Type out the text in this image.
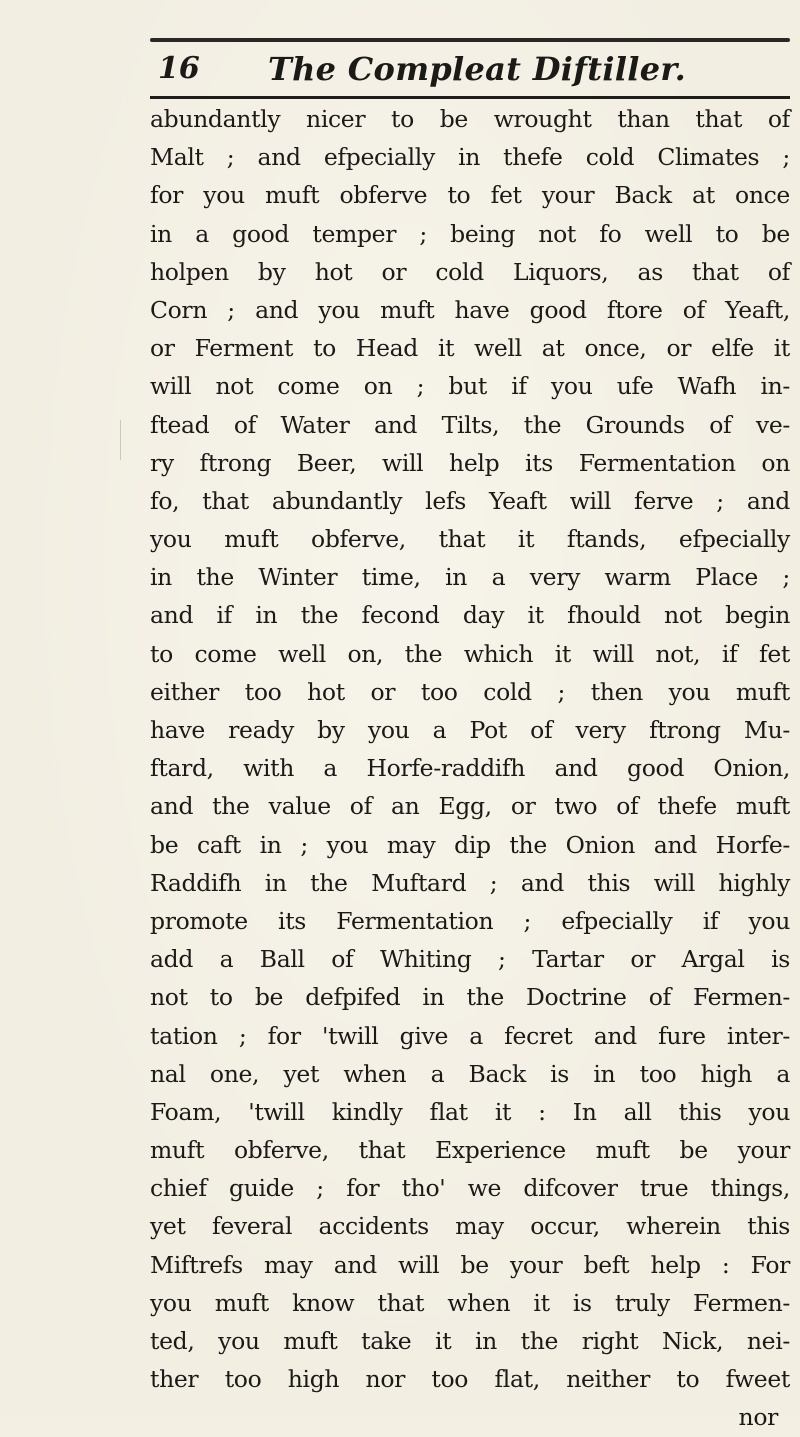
16 The Compleat Diftiller.
abundantly nicer to be wrought than that of
Malt ; and efpecially in thefe cold Climates ;
for you muft obferve to fet your Back at once
in a good temper ; being not fo well to be
holpen by hot or cold Liquors, as that of
Corn ; and you muft have good ftore of Yeaft,
or Ferment to Head it well at once, or elfe it
will not come on ; but if you ufe Wafh in-
ftead of Water and Tilts, the Grounds of ve-
ry ftrong Beer, will help its Fermentation on
fo, that abundantly lefs Yeaft will ferve ; and
you muft obferve, that it ftands, efpecially
in the Winter time, in a very warm Place ;
and if in the fecond day it fhould not begin
to come well on, the which it will not, if fet
either too hot or too cold ; then you muft
have ready by you a Pot of very ftrong Mu-
ftard, with a Horfe-raddifh and good Onion,
and the value of an Egg, or two of thefe muft
be caft in ; you may dip the Onion and Horfe-
Raddifh in the Muftard ; and this will highly
promote its Fermentation ; efpecially if you
add a Ball of Whiting ; Tartar or Argal is
not to be defpifed in the Doctrine of Fermen-
tation ; for 'twill give a fecret and fure inter-
nal one, yet when a Back is in too high a
Foam, 'twill kindly flat it : In all this you
muft obferve, that Experience muft be your
chief guide ; for tho' we difcover true things,
yet feveral accidents may occur, wherein this
Miftrefs may and will be your beft help : For
you muft know that when it is truly Fermen-
ted, you muft take it in the right Nick, nei-
ther too high nor too flat, neither to fweet
nor
